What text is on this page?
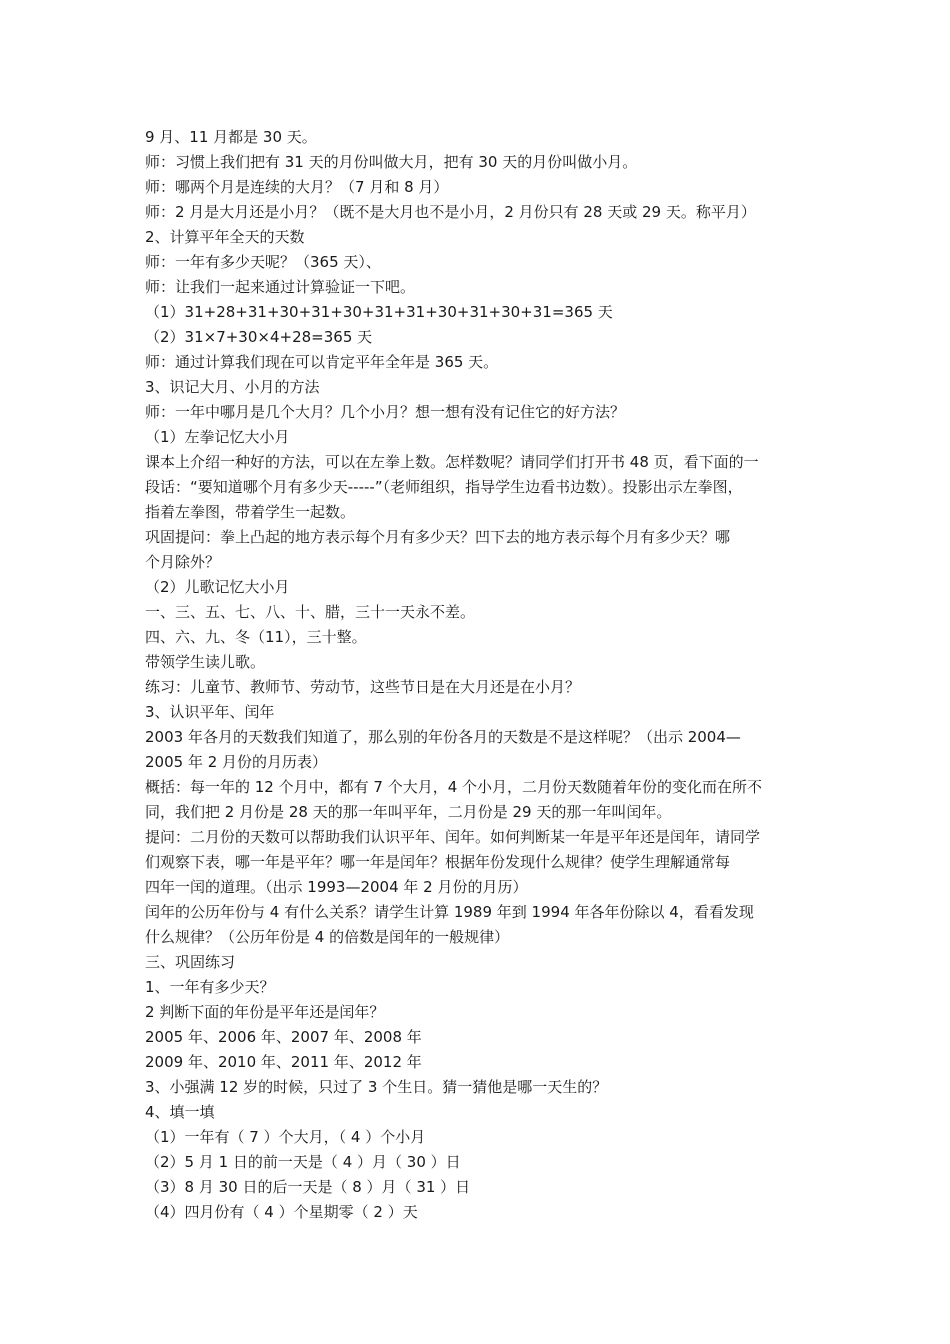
9 月、11 月都是 30 天。

师：习惯上我们把有 31 天的月份叫做大月，把有 30 天的月份叫做小月。

师：哪两个月是连续的大月？（7 月和 8 月）

师：2 月是大月还是小月？（既不是大月也不是小月，2 月份只有 28 天或 29 天。称平月）

2、计算平年全天的天数

师：一年有多少天呢？（365 天）、

师：让我们一起来通过计算验证一下吧。

（1）31+28+31+30+31+30+31+31+30+31+30+31=365 天

（2）31×7+30×4+28=365 天

师：通过计算我们现在可以肯定平年全年是 365 天。

3、识记大月、小月的方法

师：一年中哪月是几个大月？几个小月？想一想有没有记住它的好方法？

（1）左拳记忆大小月

课本上介绍一种好的方法，可以在左拳上数。怎样数呢？请同学们打开书 48 页，看下面的一

段话：“要知道哪个月有多少天-----”（老师组织，指导学生边看书边数）。投影出示左拳图，

指着左拳图，带着学生一起数。

巩固提问：拳上凸起的地方表示每个月有多少天？凹下去的地方表示每个月有多少天？哪

个月除外？

（2）儿歌记忆大小月

一、三、五、七、八、十、腊，三十一天永不差。

四、六、九、冬（11），三十整。

带领学生读儿歌。

练习：儿童节、教师节、劳动节，这些节日是在大月还是在小月？

3、认识平年、闰年

2003 年各月的天数我们知道了，那么别的年份各月的天数是不是这样呢？（出示 2004—

2005 年 2 月份的月历表）

概括：每一年的 12 个月中，都有 7 个大月，4 个小月，二月份天数随着年份的变化而在所不

同，我们把 2 月份是 28 天的那一年叫平年，二月份是 29 天的那一年叫闰年。

提问：二月份的天数可以帮助我们认识平年、闰年。如何判断某一年是平年还是闰年，请同学

们观察下表，哪一年是平年？哪一年是闰年？根据年份发现什么规律？使学生理解通常每

四年一闰的道理。（出示 1993—2004 年 2 月份的月历）

闰年的公历年份与 4 有什么关系？请学生计算 1989 年到 1994 年各年份除以 4，看看发现

什么规律？（公历年份是 4 的倍数是闰年的一般规律）

三、巩固练习

1、一年有多少天？

2 判断下面的年份是平年还是闰年？

2005 年、2006 年、2007 年、2008 年

2009 年、2010 年、2011 年、2012 年

3、小强满 12 岁的时候，只过了 3 个生日。猜一猜他是哪一天生的？

4、填一填

（1）一年有（ 7 ）个大月，（ 4 ）个小月

（2）5 月 1 日的前一天是（ 4 ）月（ 30 ）日

（3）8 月 30 日的后一天是（ 8 ）月（ 31 ）日

（4）四月份有（ 4 ）个星期零（ 2 ）天
